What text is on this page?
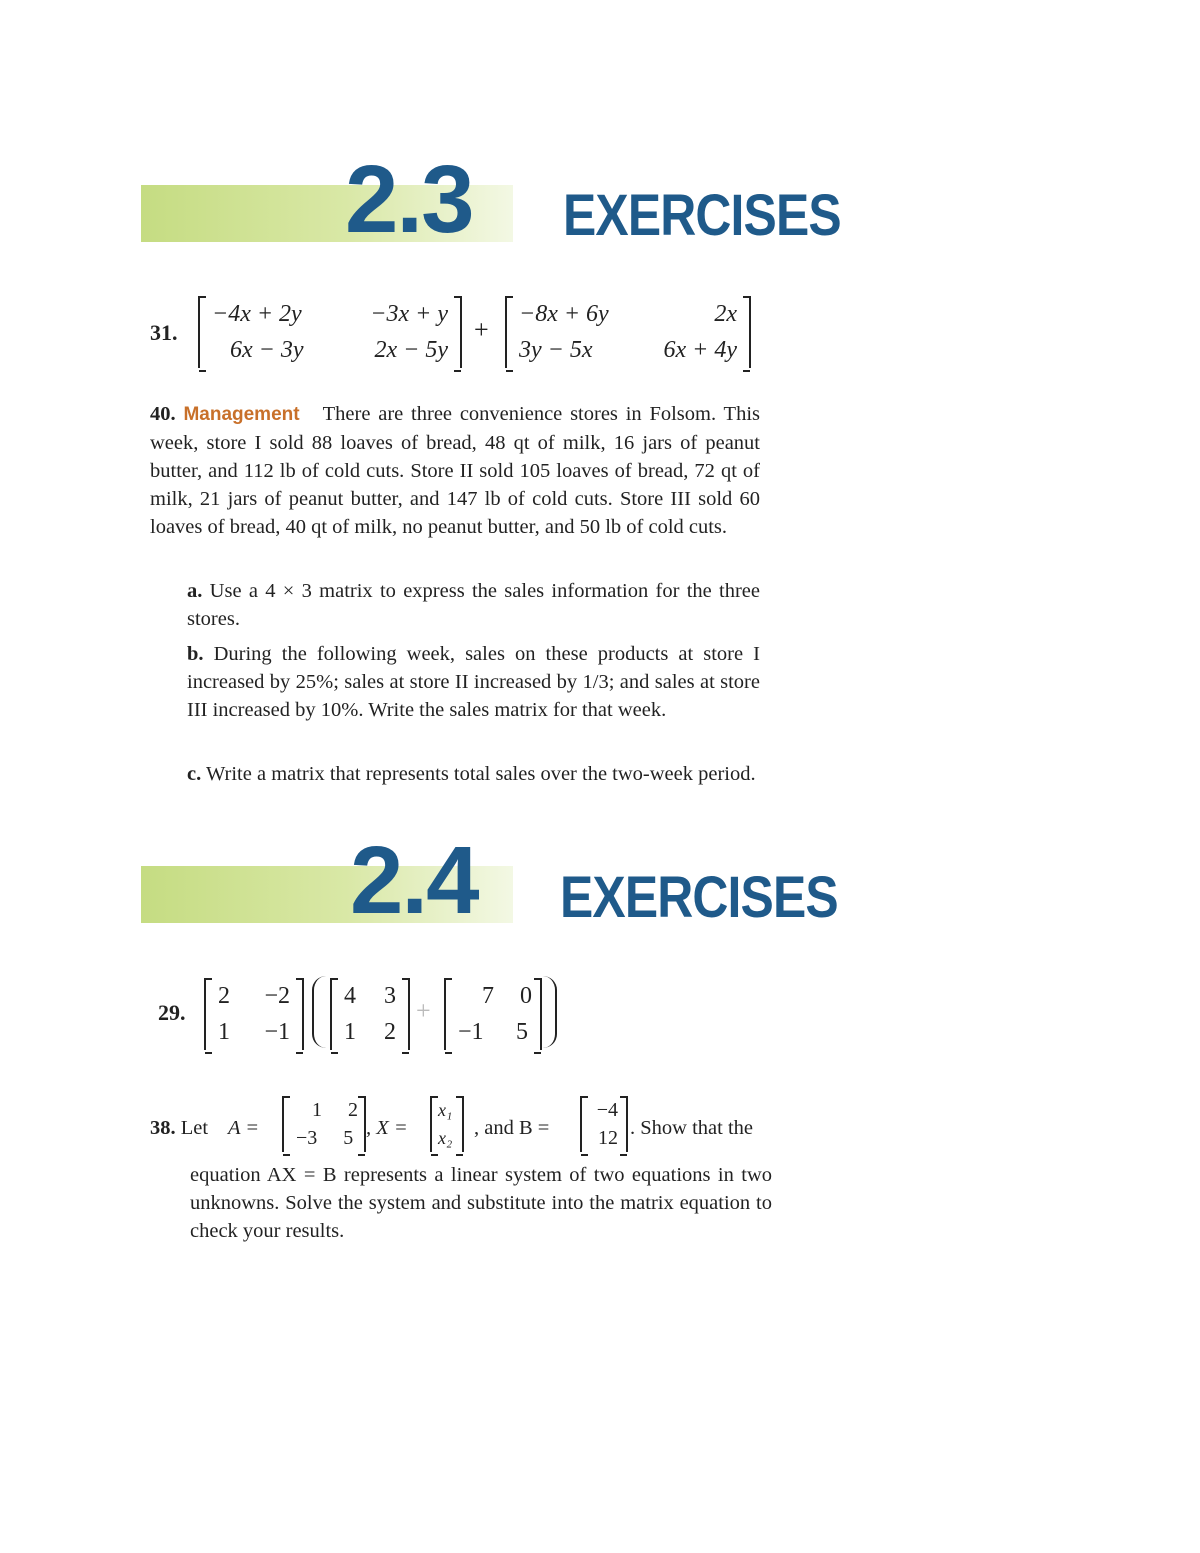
2.3 EXERCISES
31.
−4x + 2y	−3x + y
6x − 3y	2x − 5y
+
−8x + 6y	2x
3y − 5x	6x + 4y
40. Management There are three convenience stores in Folsom. This week, store I sold 88 loaves of bread, 48 qt of milk, 16 jars of peanut butter, and 112 lb of cold cuts. Store II sold 105 loaves of bread, 72 qt of milk, 21 jars of peanut butter, and 147 lb of cold cuts. Store III sold 60 loaves of bread, 40 qt of milk, no peanut butter, and 50 lb of cold cuts.
a. Use a 4 × 3 matrix to express the sales information for the three stores.
b. During the following week, sales on these products at store I increased by 25%; sales at store II increased by 1/3; and sales at store III increased by 10%. Write the sales matrix for that week.
c. Write a matrix that represents total sales over the two-week period.
2.4 EXERCISES
29.
2 −2
1 −1
4 3
1 2
+	7 0
−1 5
38. Let A =
1 2
−3 5 , X =
x₁
x₂ , and B =
−4
12 . Show that the
equation AX = B represents a linear system of two equations in two unknowns. Solve the system and substitute into the matrix equation to check your results.
